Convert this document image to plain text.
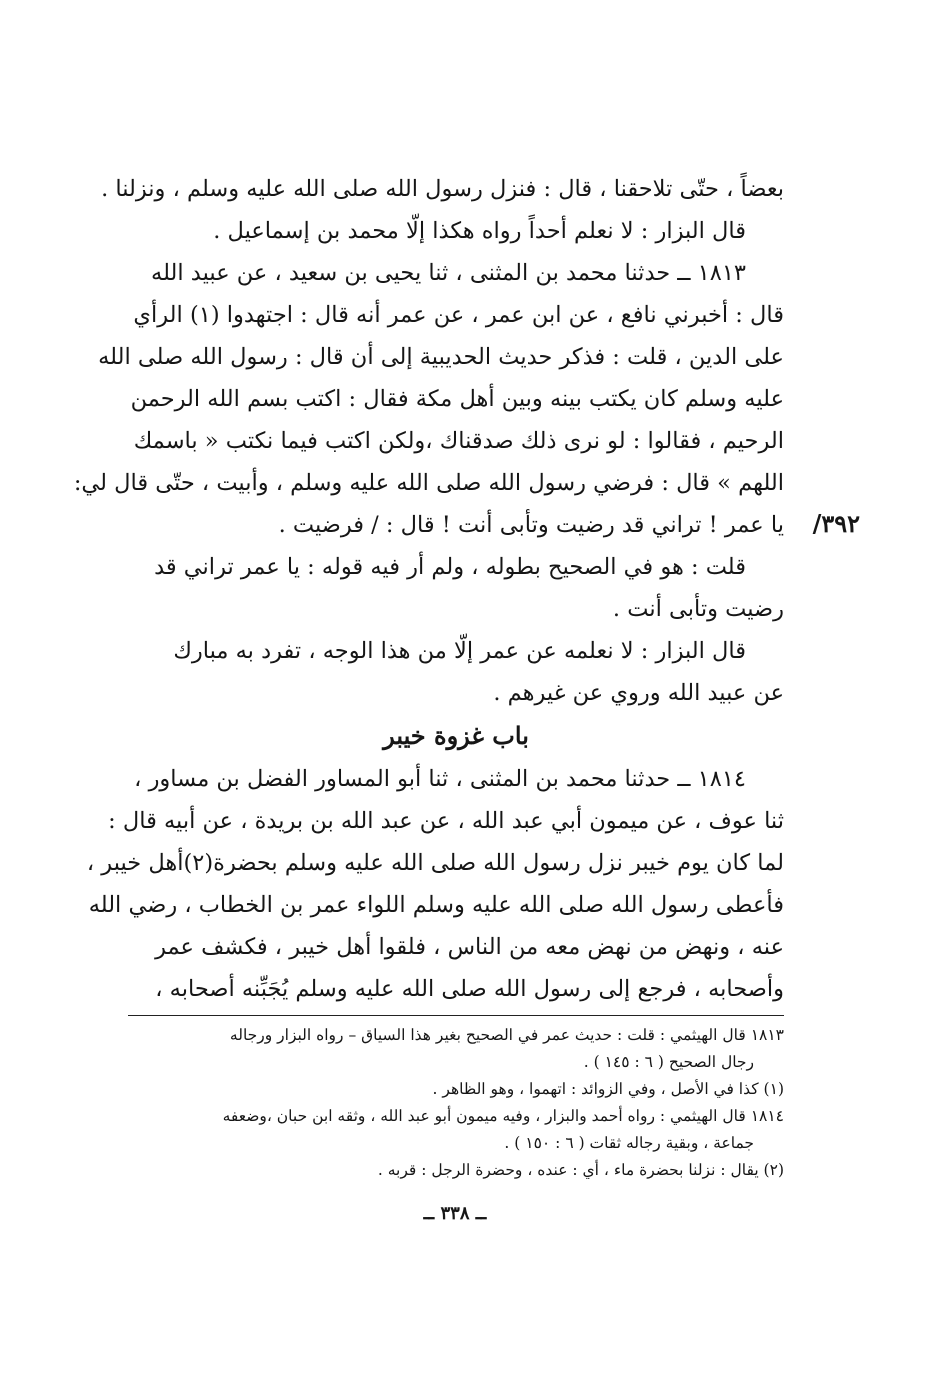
بعضاً ، حتّى تلاحقنا ، قال : فنزل رسول الله صلى الله عليه وسلم ، ونزلنا .
قال البزار : لا نعلم أحداً رواه هكذا إلّا محمد بن إسماعيل .
١٨١٣ ــ حدثنا محمد بن المثنى ، ثنا يحيى بن سعيد ، عن عبيد الله
قال : أخبرني نافع ، عن ابن عمر ، عن عمر أنه قال : اجتهدوا (١) الرأي
على الدين ، قلت : فذكر حديث الحديبية إلى أن قال : رسول الله صلى الله
عليه وسلم كان يكتب بينه وبين أهل مكة فقال : اكتب بسم الله الرحمن
الرحيم ، فقالوا : لو نرى ذلك صدقناك ،ولكن اكتب فيما نكتب « باسمك
اللهم » قال : فرضي رسول الله صلى الله عليه وسلم ، وأبيت ، حتّى قال لي:
يا عمر ! تراني قد رضيت وتأبى أنت ! قال : / فرضيت .
قلت : هو في الصحيح بطوله ، ولم أر فيه قوله : يا عمر تراني قد
رضيت وتأبى أنت .
قال البزار : لا نعلمه عن عمر إلّا من هذا الوجه ، تفرد به مبارك
عن عبيد الله وروي عن غيرهم .
باب غزوة خيبر
١٨١٤ ــ حدثنا محمد بن المثنى ، ثنا أبو المساور الفضل بن مساور ،
ثنا عوف ، عن ميمون أبي عبد الله ، عن عبد الله بن بريدة ، عن أبيه قال :
لما كان يوم خيبر نزل رسول الله صلى الله عليه وسلم بحضرة(٢)أهل خيبر ،
فأعطى رسول الله صلى الله عليه وسلم اللواء عمر بن الخطاب ، رضي الله
عنه ، ونهض من نهض معه من الناس ، فلقوا أهل خيبر ، فكشف عمر
وأصحابه ، فرجع إلى رسول الله صلى الله عليه وسلم يُجَبِّنه أصحابه ،
٣٩٢/
١٨١٣ قال الهيثمي : قلت : حديث عمر في الصحيح بغير هذا السياق – رواه البزار ورجاله
رجال الصحيح ( ٦ : ١٤٥ ) .
(١) كذا في الأصل ، وفي الزوائد : اتهموا ، وهو الظاهر .
١٨١٤ قال الهيثمي : رواه أحمد والبزار ، وفيه ميمون أبو عبد الله ، وثقه ابن حبان ،وضعفه
جماعة ، وبقية رجاله ثقات ( ٦ : ١٥٠ ) .
(٢) يقال : نزلنا بحضرة ماء ، أي : عنده ، وحضرة الرجل : قربه .
ــ ٣٣٨ ــ
